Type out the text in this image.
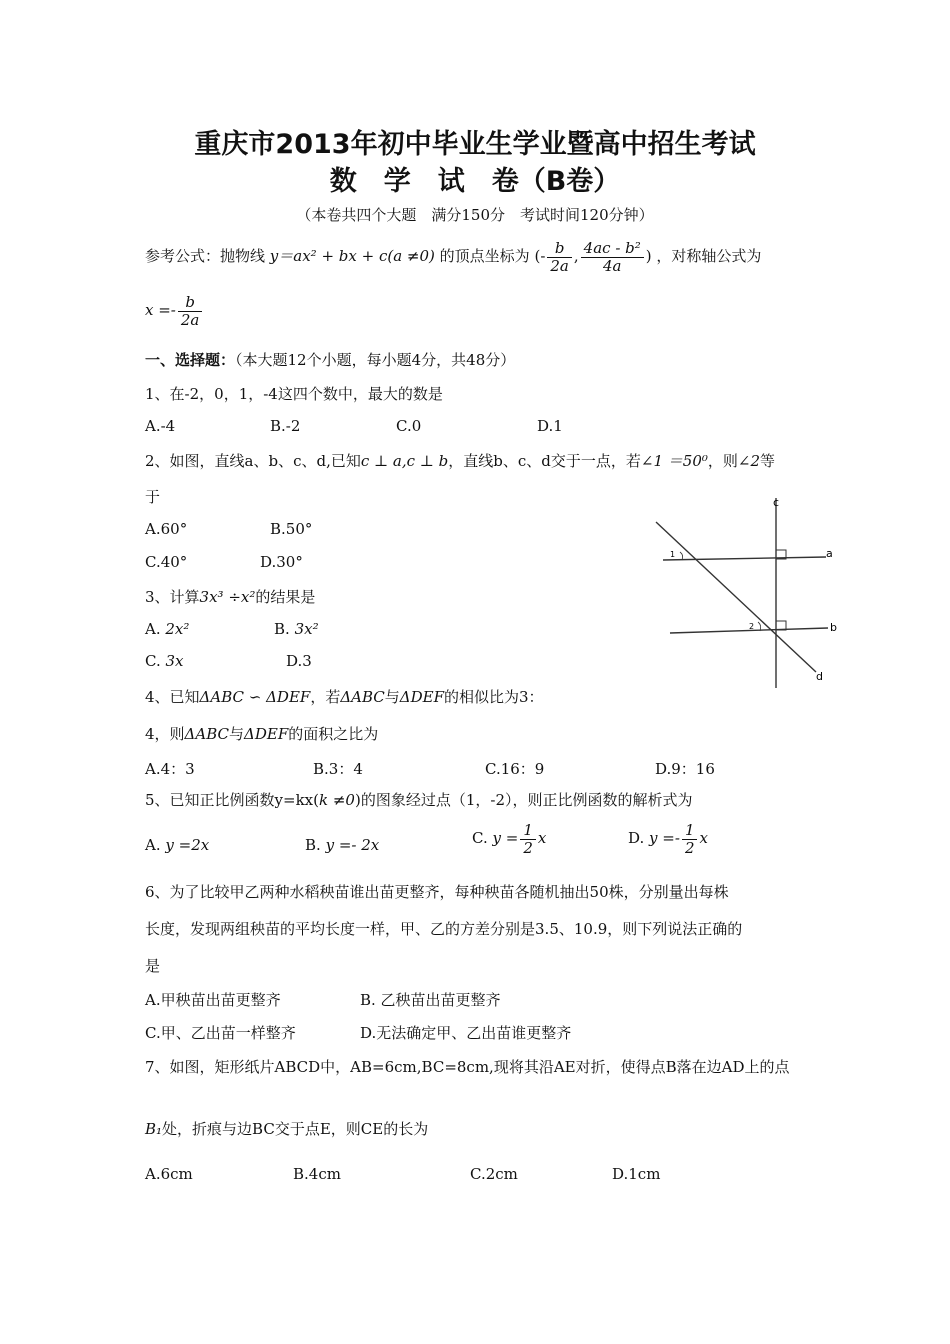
重庆市2013年初中毕业生学业暨高中招生考试
数　学　试　卷（B卷）
（本卷共四个大题　满分150分　考试时间120分钟）
参考公式：抛物线 y＝ax² + bx + c(a ≠0) 的顶点坐标为 (- $\frac{b}{2a}$ , $\frac{\text{4ac - b²}}{4a}$ ) ，对称轴公式为
$x =- \frac{b}{2a}$
一、选择题：（本大题12个小题，每小题4分，共48分）
1、在-2，0，1，-4这四个数中，最大的数是
A.-4	B.-2	C.0	D.1
2、如图，直线a、b、c、d,已知c ⊥ a,c ⊥ b，直线b、c、d交于一点，若∠1 ＝50⁰，则∠2等
于
A.60°	B.50°
C.40°	D.30°
c
a
b
d
1
2
3、计算3x³ ÷x²的结果是
A. 2x²	B. 3x²
C. 3x	D.3
4、已知ΔABC ∽ ΔDEF，若ΔABC与ΔDEF的相似比为3：
4，则ΔABC与ΔDEF的面积之比为
A.4：3	B.3：4	C.16：9	D.9：16
5、已知正比例函数y=kx(k ≠0)的图象经过点（1，-2），则正比例函数的解析式为
A. y =2x	B. y =- 2x	C. $y = \frac{1}{2}$ x	D. $y =- \frac{1}{2}$ x
6、为了比较甲乙两种水稻秧苗谁出苗更整齐，每种秧苗各随机抽出50株，分别量出每株
长度，发现两组秧苗的平均长度一样，甲、乙的方差分别是3.5、10.9，则下列说法正确的
是
A.甲秧苗出苗更整齐	B. 乙秧苗出苗更整齐
C.甲、乙出苗一样整齐	D.无法确定甲、乙出苗谁更整齐
7、如图，矩形纸片ABCD中，AB=6cm,BC=8cm,现将其沿AE对折，使得点B落在边AD上的点
B₁处，折痕与边BC交于点E，则CE的长为
A.6cm	B.4cm	C.2cm	D.1cm
